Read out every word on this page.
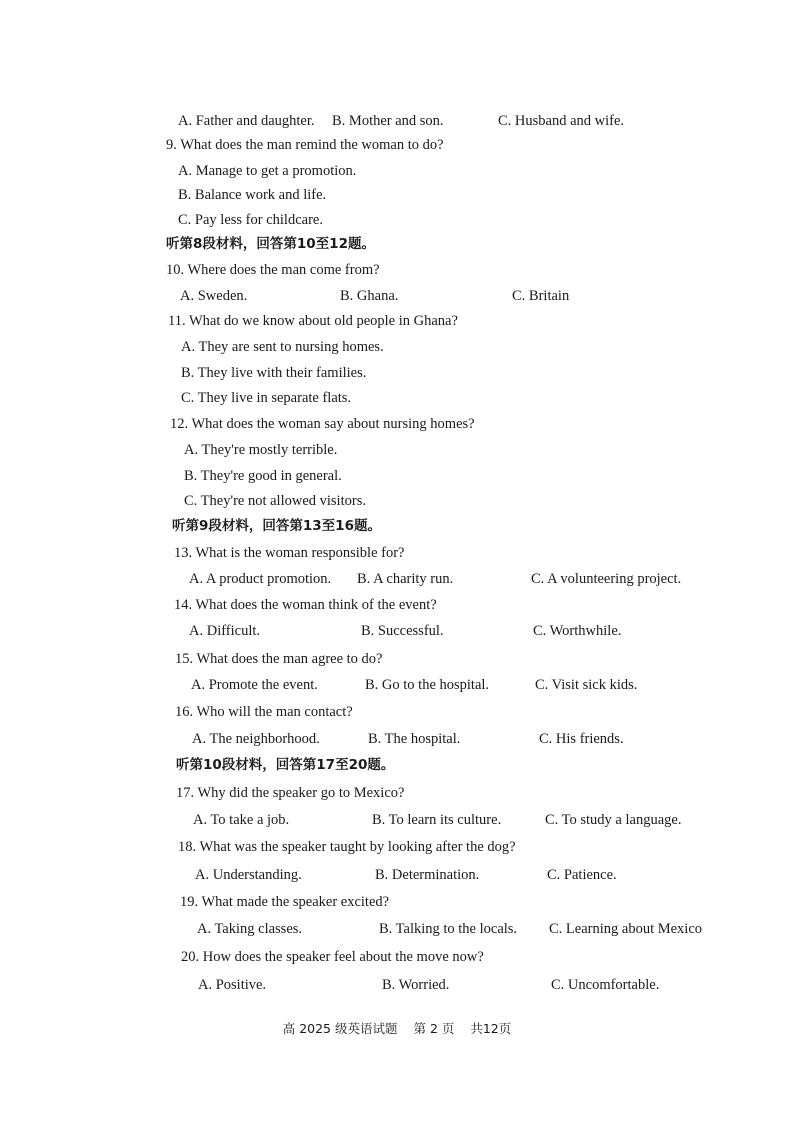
A. Father and daughter. B. Mother and son.	C. Husband and wife.
9. What does the man remind the woman to do?
A. Manage to get a promotion.
B. Balance work and life.
C. Pay less for childcare.
听第8段材料，回答第10至12题。
10. Where does the man come from?
A. Sweden.	B. Ghana.	C. Britain
11. What do we know about old people in Ghana?
A. They are sent to nursing homes.
B. They live with their families.
C. They live in separate flats.
12. What does the woman say about nursing homes?
A. They're mostly terrible.
B. They're good in general.
C. They're not allowed visitors.
听第9段材料，回答第13至16题。
13. What is the woman responsible for?
A. A product promotion. B. A charity run.	C. A volunteering project.
14. What does the woman think of the event?
A. Difficult.	B. Successful.	C. Worthwhile.
15. What does the man agree to do?
A. Promote the event.	B. Go to the hospital.	C. Visit sick kids.
16. Who will the man contact?
A. The neighborhood.	B. The hospital.	C. His friends.
听第10段材料，回答第17至20题。
17. Why did the speaker go to Mexico?
A. To take a job.	B. To learn its culture.	C. To study a language.
18. What was the speaker taught by looking after the dog?
A. Understanding.	B. Determination.	C. Patience.
19. What made the speaker excited?
A. Taking classes.	B. Talking to the locals. C. Learning about Mexico
20. How does the speaker feel about the move now?
A. Positive.	B. Worried.	C. Uncomfortable.
高 2025 级英语试题 第 2 页 共12页
